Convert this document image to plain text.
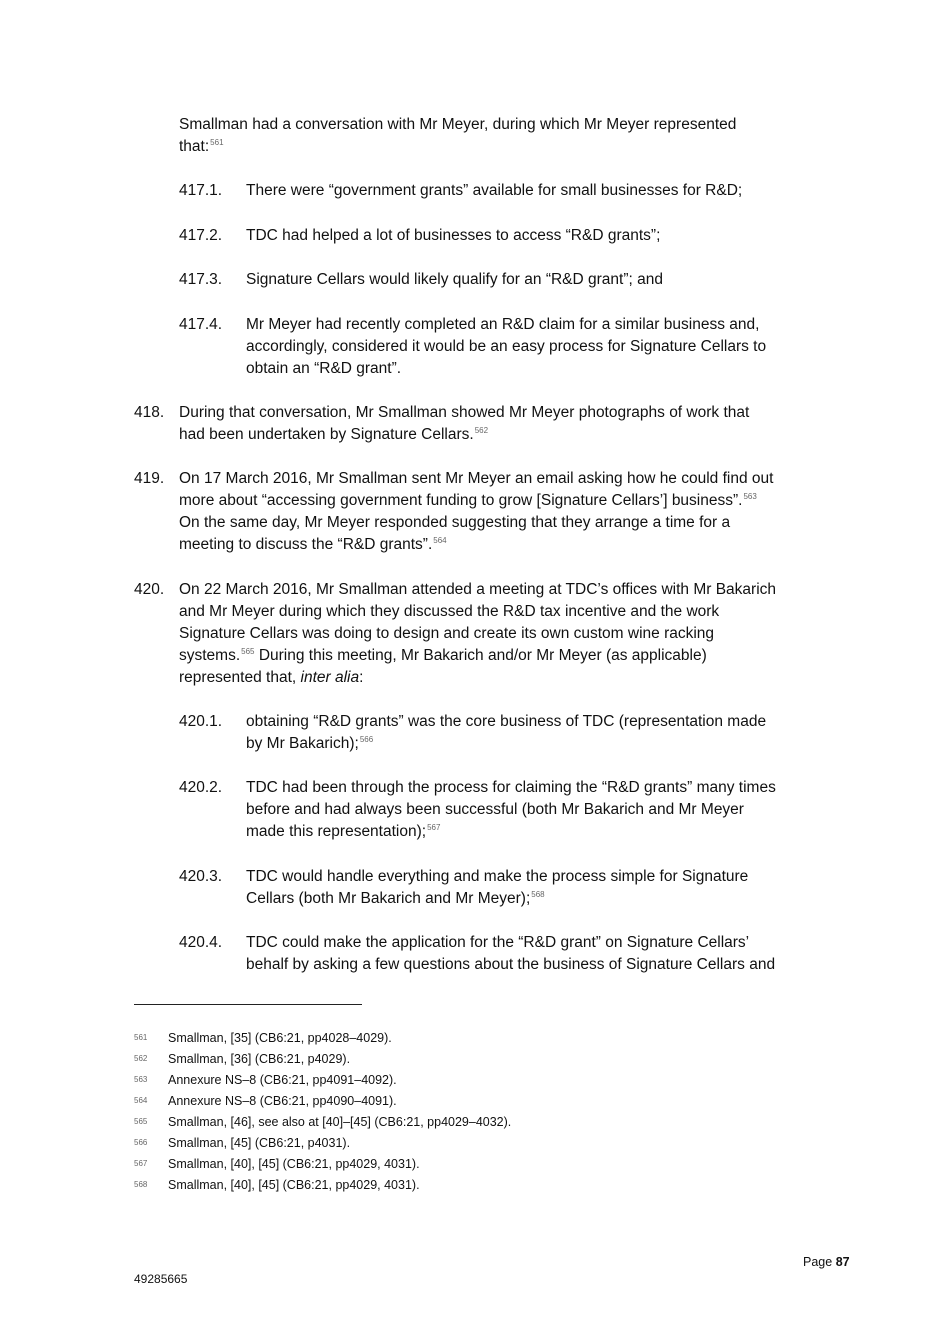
Smallman had a conversation with Mr Meyer, during which Mr Meyer represented
that:$^{561}$
417.1. There were “government grants” available for small businesses for R&D;
417.2. TDC had helped a lot of businesses to access “R&D grants”;
417.3. Signature Cellars would likely qualify for an “R&D grant”; and
417.4. Mr Meyer had recently completed an R&D claim for a similar business and,
accordingly, considered it would be an easy process for Signature Cellars to
obtain an “R&D grant”.
418. During that conversation, Mr Smallman showed Mr Meyer photographs of work that
had been undertaken by Signature Cellars.$^{562}$
419. On 17 March 2016, Mr Smallman sent Mr Meyer an email asking how he could find out
more about “accessing government funding to grow [Signature Cellars’] business”.$^{563}$
On the same day, Mr Meyer responded suggesting that they arrange a time for a
meeting to discuss the “R&D grants”.$^{564}$
420. On 22 March 2016, Mr Smallman attended a meeting at TDC’s offices with Mr Bakarich
and Mr Meyer during which they discussed the R&D tax incentive and the work
Signature Cellars was doing to design and create its own custom wine racking
systems.$^{565}$ During this meeting, Mr Bakarich and/or Mr Meyer (as applicable)
represented that, inter alia:
420.1. obtaining “R&D grants” was the core business of TDC (representation made
by Mr Bakarich);$^{566}$
420.2. TDC had been through the process for claiming the “R&D grants” many times
before and had always been successful (both Mr Bakarich and Mr Meyer
made this representation);$^{567}$
420.3. TDC would handle everything and make the process simple for Signature
Cellars (both Mr Bakarich and Mr Meyer);$^{568}$
420.4. TDC could make the application for the “R&D grant” on Signature Cellars’
behalf by asking a few questions about the business of Signature Cellars and
561 Smallman, [35] (CB6:21, pp4028–4029).
562 Smallman, [36] (CB6:21, p4029).
563 Annexure NS–8 (CB6:21, pp4091–4092).
564 Annexure NS–8 (CB6:21, pp4090–4091).
565 Smallman, [46], see also at [40]–[45] (CB6:21, pp4029–4032).
566 Smallman, [45] (CB6:21, p4031).
567 Smallman, [40], [45] (CB6:21, pp4029, 4031).
568 Smallman, [40], [45] (CB6:21, pp4029, 4031).
Page 87
49285665
